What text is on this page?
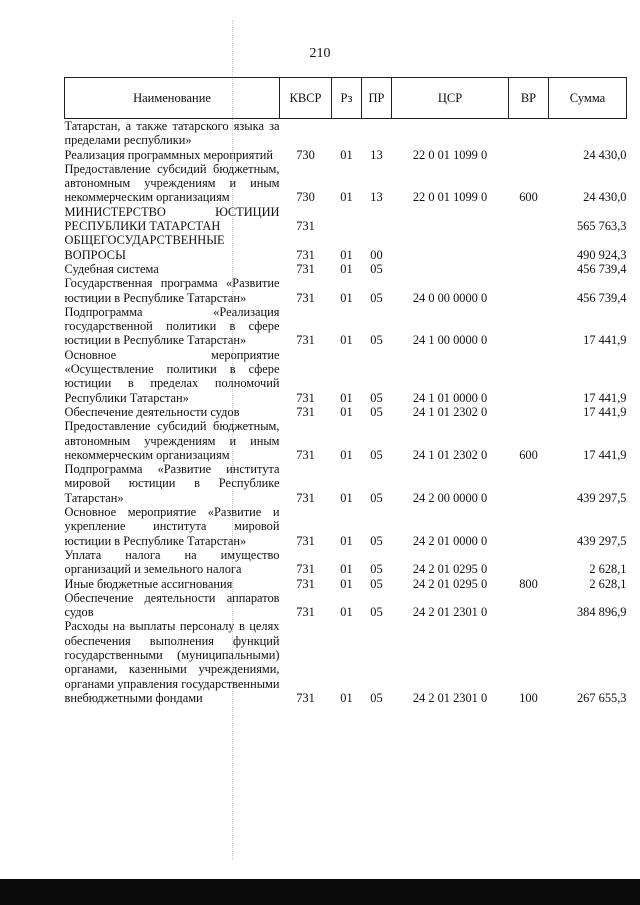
210
Наименование	КВСР	Рз	ПР	ЦСР	ВР	Сумма
Татарстан, а также татарского языка за пределами республики»						
Реализация программных мероприятий	730	01	13	22 0 01 1099 0		24 430,0
Предоставление субсидий бюджетным, автономным учреждениям и иным некоммерческим организациям	730	01	13	22 0 01 1099 0	600	24 430,0
МИНИСТЕРСТВО ЮСТИЦИИ РЕСПУБЛИКИ ТАТАРСТАН	731					565 763,3
ОБЩЕГОСУДАРСТВЕННЫЕ ВОПРОСЫ	731	01	00			490 924,3
Судебная система	731	01	05			456 739,4
Государственная программа «Развитие юстиции в Республике Татарстан»	731	01	05	24 0 00 0000 0		456 739,4
Подпрограмма «Реализация государственной политики в сфере юстиции в Республике Татарстан»	731	01	05	24 1 00 0000 0		17 441,9
Основное мероприятие «Осуществление политики в сфере юстиции в пределах полномочий Республики Татарстан»	731	01	05	24 1 01 0000 0		17 441,9
Обеспечение деятельности судов	731	01	05	24 1 01 2302 0		17 441,9
Предоставление субсидий бюджетным, автономным учреждениям и иным некоммерческим организациям	731	01	05	24 1 01 2302 0	600	17 441,9
Подпрограмма «Развитие института мировой юстиции в Республике Татарстан»	731	01	05	24 2 00 0000 0		439 297,5
Основное мероприятие «Развитие и укрепление института мировой юстиции в Республике Татарстан»	731	01	05	24 2 01 0000 0		439 297,5
Уплата налога на имущество организаций и земельного налога	731	01	05	24 2 01 0295 0		2 628,1
Иные бюджетные ассигнования	731	01	05	24 2 01 0295 0	800	2 628,1
Обеспечение деятельности аппаратов судов	731	01	05	24 2 01 2301 0		384 896,9
Расходы на выплаты персоналу в целях обеспечения выполнения функций государственными (муниципальными) органами, казенными учреждениями, органами управления государственными внебюджетными фондами	731	01	05	24 2 01 2301 0	100	267 655,3
